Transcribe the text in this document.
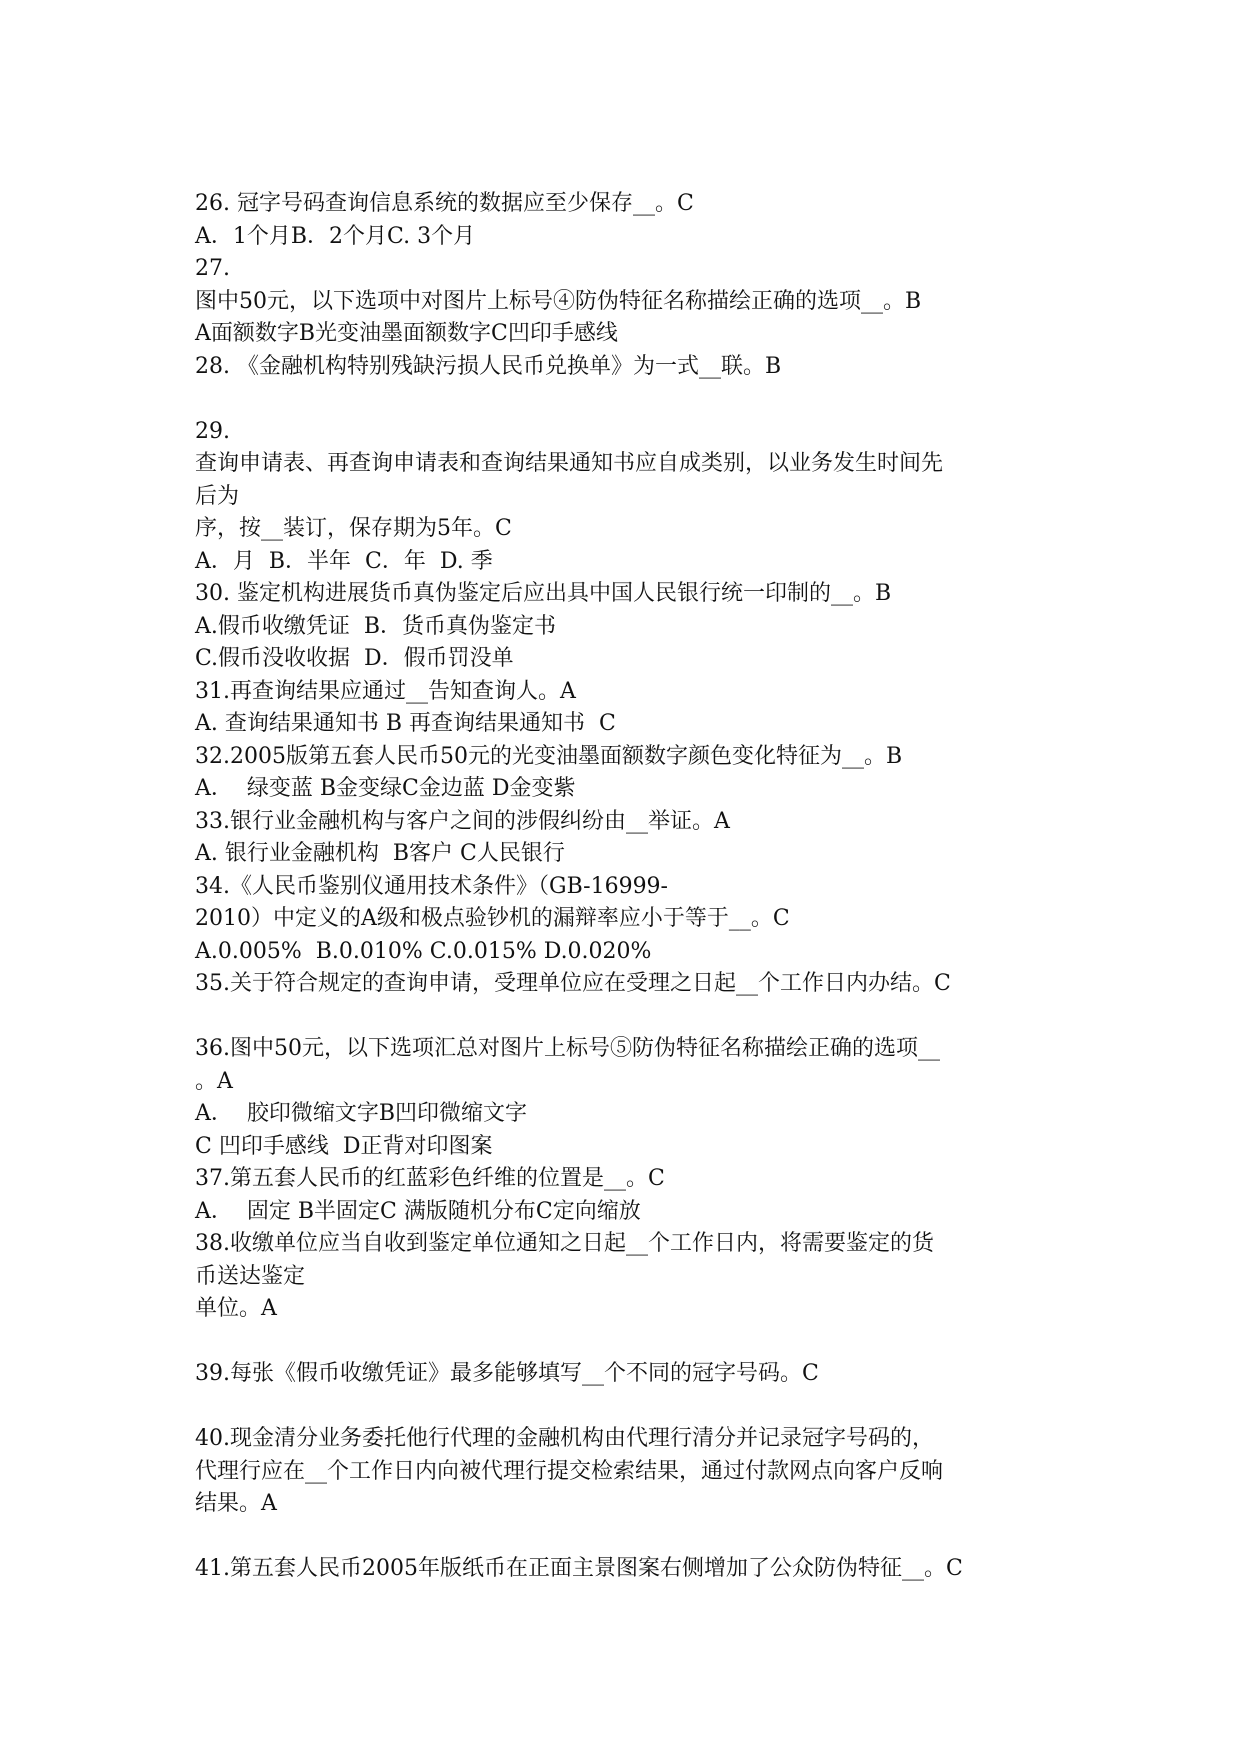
26. 冠字号码查询信息系统的数据应至少保存__。C
A．1个月B．2个月C. 3个月
27.
图中50元，以下选项中对图片上标号④防伪特征名称描绘正确的选项__。B
A面额数字B光变油墨面额数字C凹印手感线
28. 《金融机构特别残缺污损人民币兑换单》为一式__联。B
29.
查询申请表、再查询申请表和查询结果通知书应自成类别，以业务发生时间先
后为
序，按__装订，保存期为5年。C
A．月  B．半年  C．年  D. 季
30. 鉴定机构进展货币真伪鉴定后应出具中国人民银行统一印制的__。B
A.假币收缴凭证  B．货币真伪鉴定书
C.假币没收收据  D．假币罚没单
31.再查询结果应通过__告知查询人。A
A. 查询结果通知书 B 再查询结果通知书  C
32.2005版第五套人民币50元的光变油墨面额数字颜色变化特征为__。B
A．  绿变蓝 B金变绿C金边蓝 D金变紫
33.银行业金融机构与客户之间的涉假纠纷由__举证。A
A. 银行业金融机构  B客户 C人民银行
34.《人民币鉴别仪通用技术条件》（GB-16999-
2010）中定义的A级和极点验钞机的漏辩率应小于等于__。C
A.0.005%  B.0.010% C.0.015% D.0.020%
35.关于符合规定的查询申请，受理单位应在受理之日起__个工作日内办结。C
36.图中50元，以下选项汇总对图片上标号⑤防伪特征名称描绘正确的选项__
。A
A．  胶印微缩文字B凹印微缩文字
C 凹印手感线  D正背对印图案
37.第五套人民币的红蓝彩色纤维的位置是__。C
A．  固定 B半固定C 满版随机分布C定向缩放
38.收缴单位应当自收到鉴定单位通知之日起__个工作日内，将需要鉴定的货
币送达鉴定
单位。A
39.每张《假币收缴凭证》最多能够填写__个不同的冠字号码。C
40.现金清分业务委托他行代理的金融机构由代理行清分并记录冠字号码的，
代理行应在__个工作日内向被代理行提交检索结果，通过付款网点向客户反响
结果。A
41.第五套人民币2005年版纸币在正面主景图案右侧增加了公众防伪特征__。C
